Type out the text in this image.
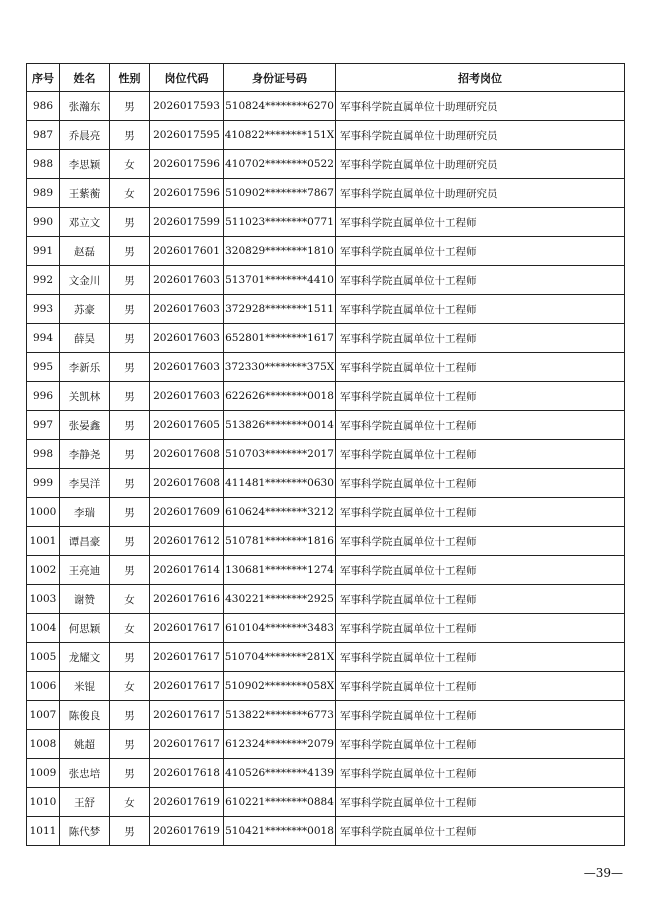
序号	姓名	性别	岗位代码	身份证号码	招考岗位
986	张瀚东	男	2026017593	510824********6270	军事科学院直属单位十助理研究员
987	乔晨亮	男	2026017595	410822********151X	军事科学院直属单位十助理研究员
988	李思颖	女	2026017596	410702********0522	军事科学院直属单位十助理研究员
989	王紫蘅	女	2026017596	510902********7867	军事科学院直属单位十助理研究员
990	邓立文	男	2026017599	511023********0771	军事科学院直属单位十工程师
991	赵磊	男	2026017601	320829********1810	军事科学院直属单位十工程师
992	文金川	男	2026017603	513701********4410	军事科学院直属单位十工程师
993	苏豪	男	2026017603	372928********1511	军事科学院直属单位十工程师
994	薛昊	男	2026017603	652801********1617	军事科学院直属单位十工程师
995	李新乐	男	2026017603	372330********375X	军事科学院直属单位十工程师
996	关凯林	男	2026017603	622626********0018	军事科学院直属单位十工程师
997	张晏鑫	男	2026017605	513826********0014	军事科学院直属单位十工程师
998	李静尧	男	2026017608	510703********2017	军事科学院直属单位十工程师
999	李昊洋	男	2026017608	411481********0630	军事科学院直属单位十工程师
1000	李瑞	男	2026017609	610624********3212	军事科学院直属单位十工程师
1001	谭昌豪	男	2026017612	510781********1816	军事科学院直属单位十工程师
1002	王亮迪	男	2026017614	130681********1274	军事科学院直属单位十工程师
1003	谢赞	女	2026017616	430221********2925	军事科学院直属单位十工程师
1004	何思颖	女	2026017617	610104********3483	军事科学院直属单位十工程师
1005	龙耀文	男	2026017617	510704********281X	军事科学院直属单位十工程师
1006	米锟	女	2026017617	510902********058X	军事科学院直属单位十工程师
1007	陈俊良	男	2026017617	513822********6773	军事科学院直属单位十工程师
1008	姚超	男	2026017617	612324********2079	军事科学院直属单位十工程师
1009	张忠培	男	2026017618	410526********4139	军事科学院直属单位十工程师
1010	王舒	女	2026017619	610221********0884	军事科学院直属单位十工程师
1011	陈代梦	男	2026017619	510421********0018	军事科学院直属单位十工程师
—39—
